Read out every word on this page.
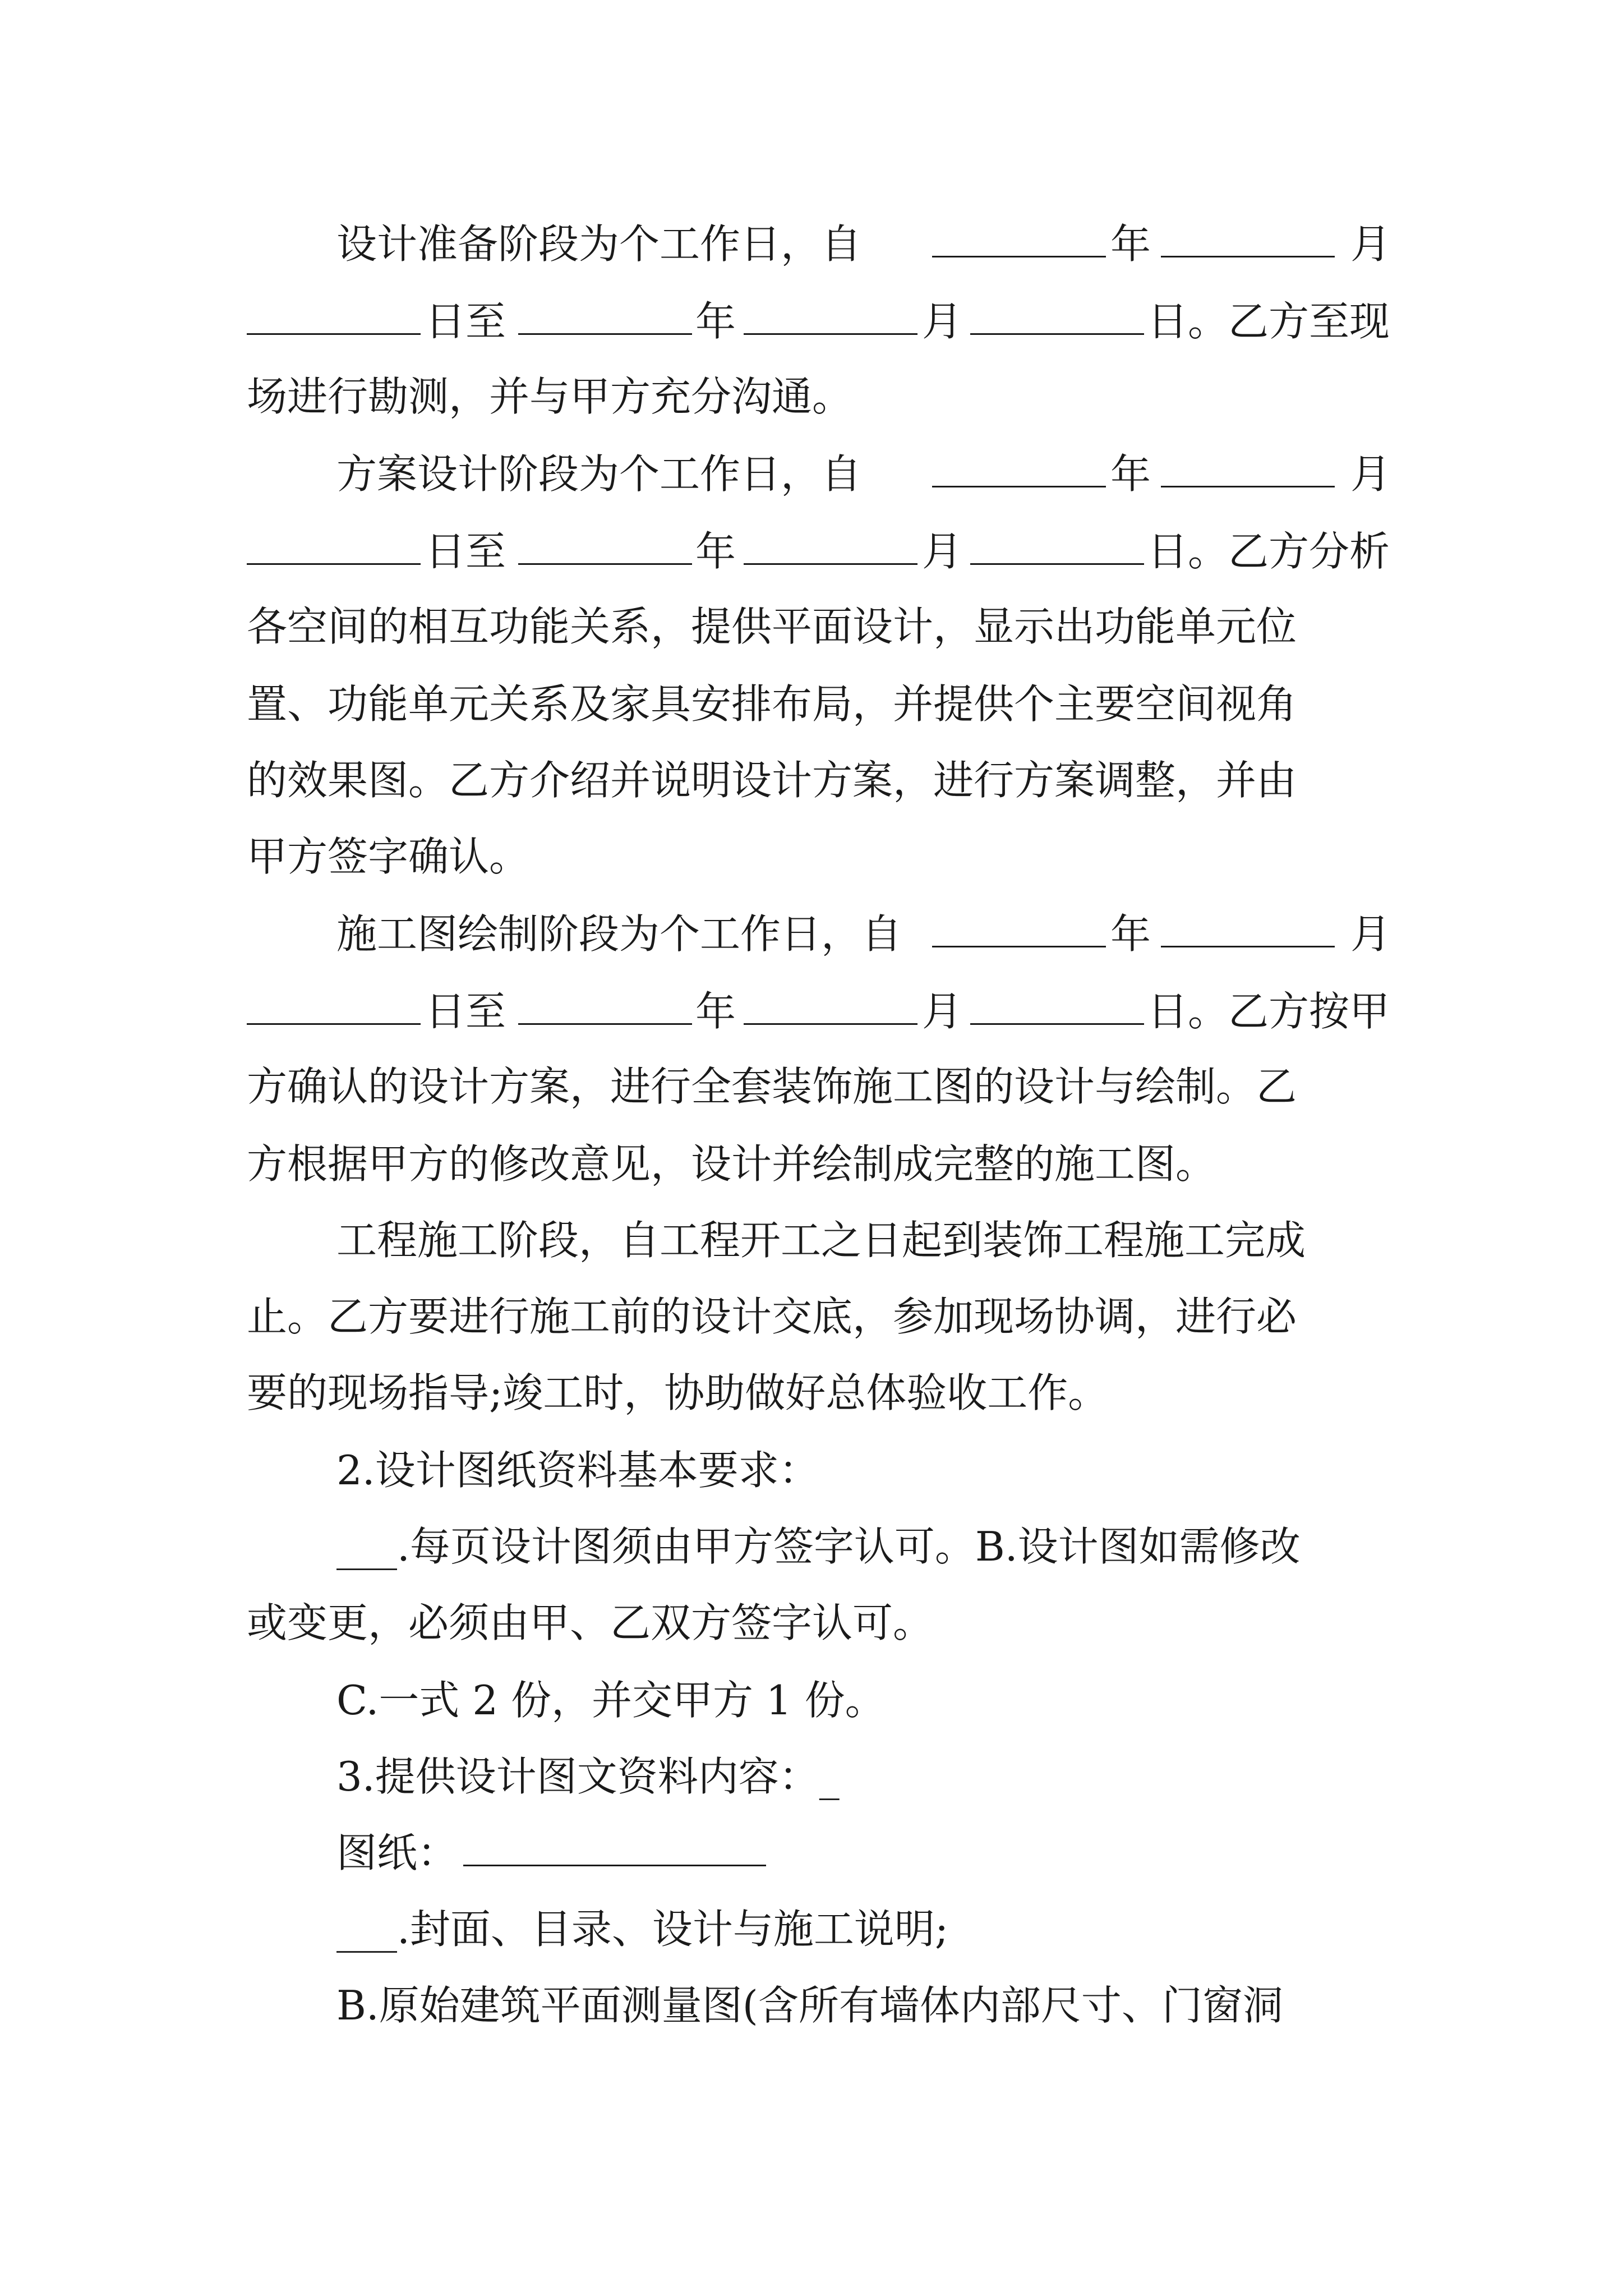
设计准备阶段为个工作日，自

	年

	月

日至

	年

	月

	日。乙方至现

场进行勘测，并与甲方充分沟通。

方案设计阶段为个工作日，自

	年

	月

日至

	年

	月

	日。乙方分析

各空间的相互功能关系，提供平面设计，显示出功能单元位

置、功能单元关系及家具安排布局，并提供个主要空间视角

的效果图。乙方介绍并说明设计方案，进行方案调整，并由

甲方签字确认。

施工图绘制阶段为个工作日，自

	年

	月

日至

	年

	月

	日。乙方按甲

方确认的设计方案，进行全套装饰施工图的设计与绘制。乙

方根据甲方的修改意见，设计并绘制成完整的施工图。

工程施工阶段，自工程开工之日起到装饰工程施工完成

止。乙方要进行施工前的设计交底，参加现场协调，进行必

要的现场指导;竣工时，协助做好总体验收工作。

2.设计图纸资料基本要求：

___.每页设计图须由甲方签字认可。B.设计图如需修改

或变更，必须由甲、乙双方签字认可。

C.一式 2 份，并交甲方 1 份。

3.提供设计图文资料内容：_

图纸：

___.封面、目录、设计与施工说明;

B.原始建筑平面测量图(含所有墙体内部尺寸、门窗洞
